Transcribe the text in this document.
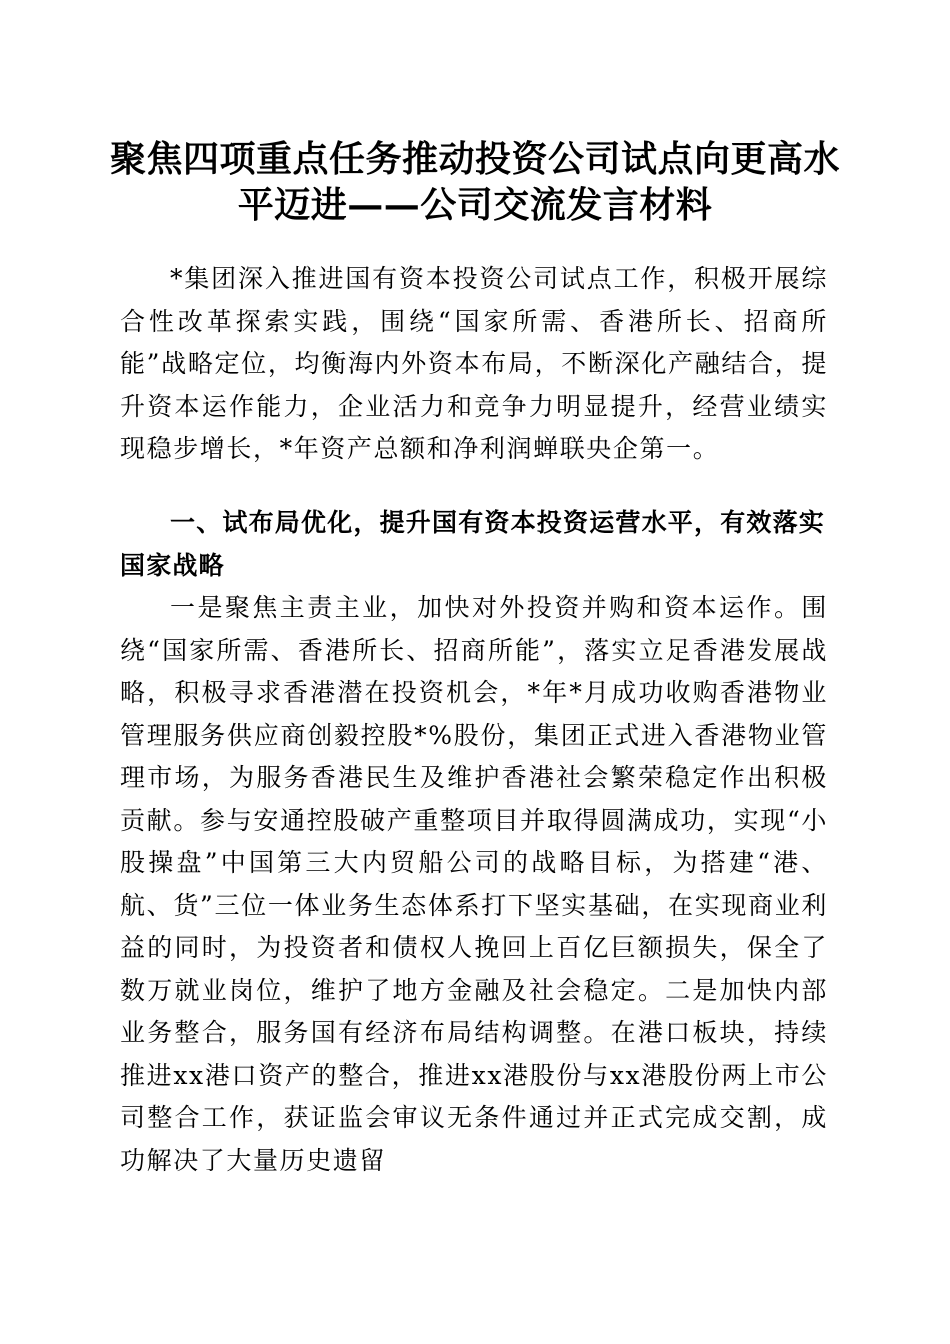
聚焦四项重点任务推动投资公司试点向更高水平迈进——公司交流发言材料

*集团深入推进国有资本投资公司试点工作，积极开展综合性改革探索实践，围绕“国家所需、香港所长、招商所能”战略定位，均衡海内外资本布局，不断深化产融结合，提升资本运作能力，企业活力和竞争力明显提升，经营业绩实现稳步增长，*年资产总额和净利润蝉联央企第一。

一、试布局优化，提升国有资本投资运营水平，有效落实国家战略

一是聚焦主责主业，加快对外投资并购和资本运作。围绕“国家所需、香港所长、招商所能”，落实立足香港发展战略，积极寻求香港潜在投资机会，*年*月成功收购香港物业管理服务供应商创毅控股*%股份，集团正式进入香港物业管理市场，为服务香港民生及维护香港社会繁荣稳定作出积极贡献。参与安通控股破产重整项目并取得圆满成功，实现“小股操盘”中国第三大内贸船公司的战略目标，为搭建“港、航、货”三位一体业务生态体系打下坚实基础，在实现商业利益的同时，为投资者和债权人挽回上百亿巨额损失，保全了数万就业岗位，维护了地方金融及社会稳定。二是加快内部业务整合，服务国有经济布局结构调整。在港口板块，持续推进xx港口资产的整合，推进xx港股份与xx港股份两上市公司整合工作，获证监会审议无条件通过并正式完成交割，成功解决了大量历史遗留
